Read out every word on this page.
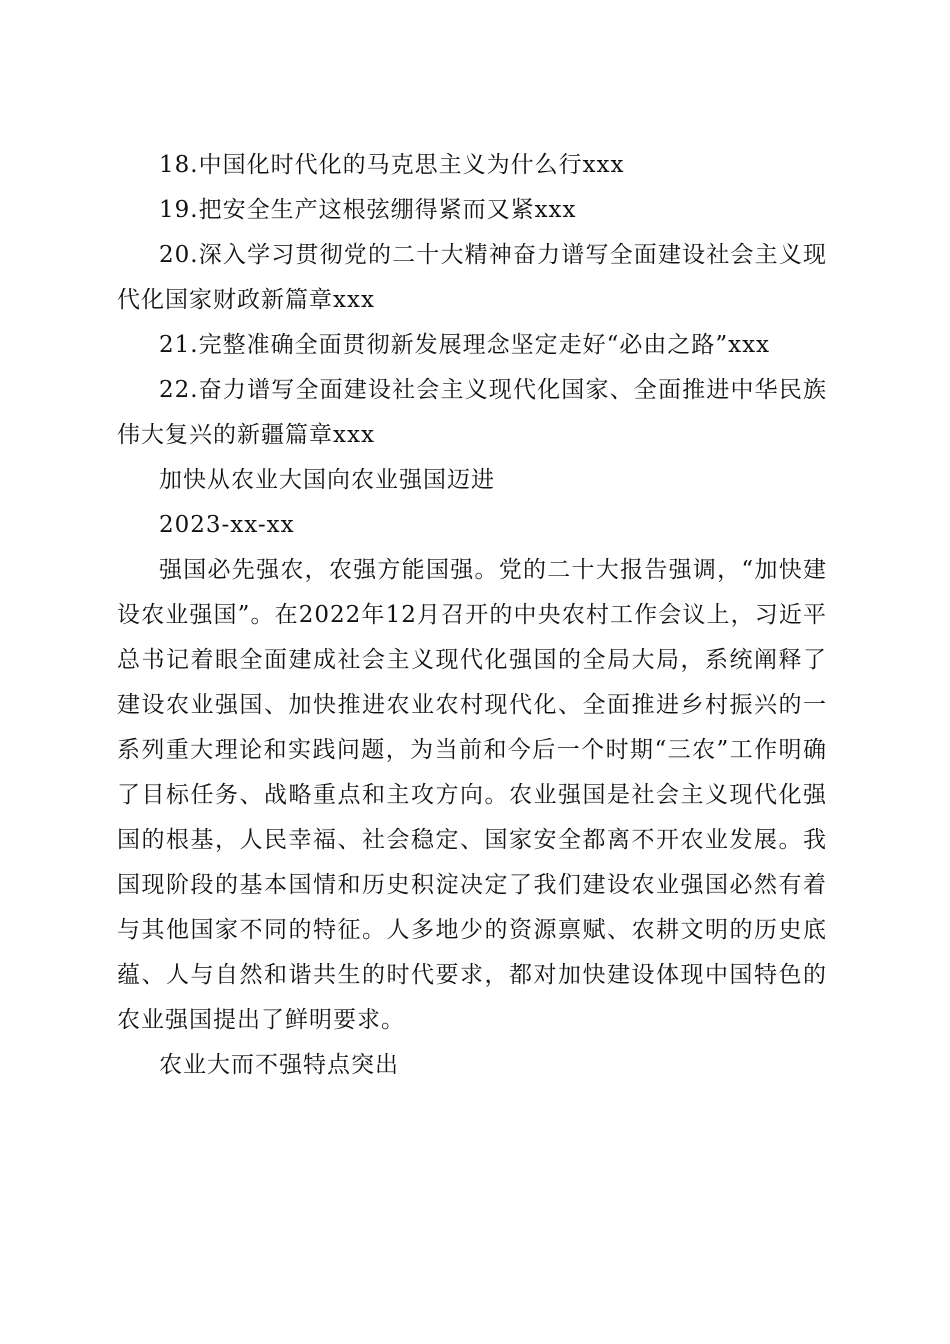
18.中国化时代化的马克思主义为什么行xxx

19.把安全生产这根弦绷得紧而又紧xxx

20.深入学习贯彻党的二十大精神奋力谱写全面建设社会主义现代化国家财政新篇章xxx

21.完整准确全面贯彻新发展理念坚定走好“必由之路”xxx

22.奋力谱写全面建设社会主义现代化国家、全面推进中华民族伟大复兴的新疆篇章xxx

加快从农业大国向农业强国迈进

2023-xx-xx

强国必先强农，农强方能国强。党的二十大报告强调，“加快建设农业强国”。在2022年12月召开的中央农村工作会议上，习近平总书记着眼全面建成社会主义现代化强国的全局大局，系统阐释了建设农业强国、加快推进农业农村现代化、全面推进乡村振兴的一系列重大理论和实践问题，为当前和今后一个时期“三农”工作明确了目标任务、战略重点和主攻方向。农业强国是社会主义现代化强国的根基，人民幸福、社会稳定、国家安全都离不开农业发展。我国现阶段的基本国情和历史积淀决定了我们建设农业强国必然有着与其他国家不同的特征。人多地少的资源禀赋、农耕文明的历史底蕴、人与自然和谐共生的时代要求，都对加快建设体现中国特色的农业强国提出了鲜明要求。

农业大而不强特点突出
